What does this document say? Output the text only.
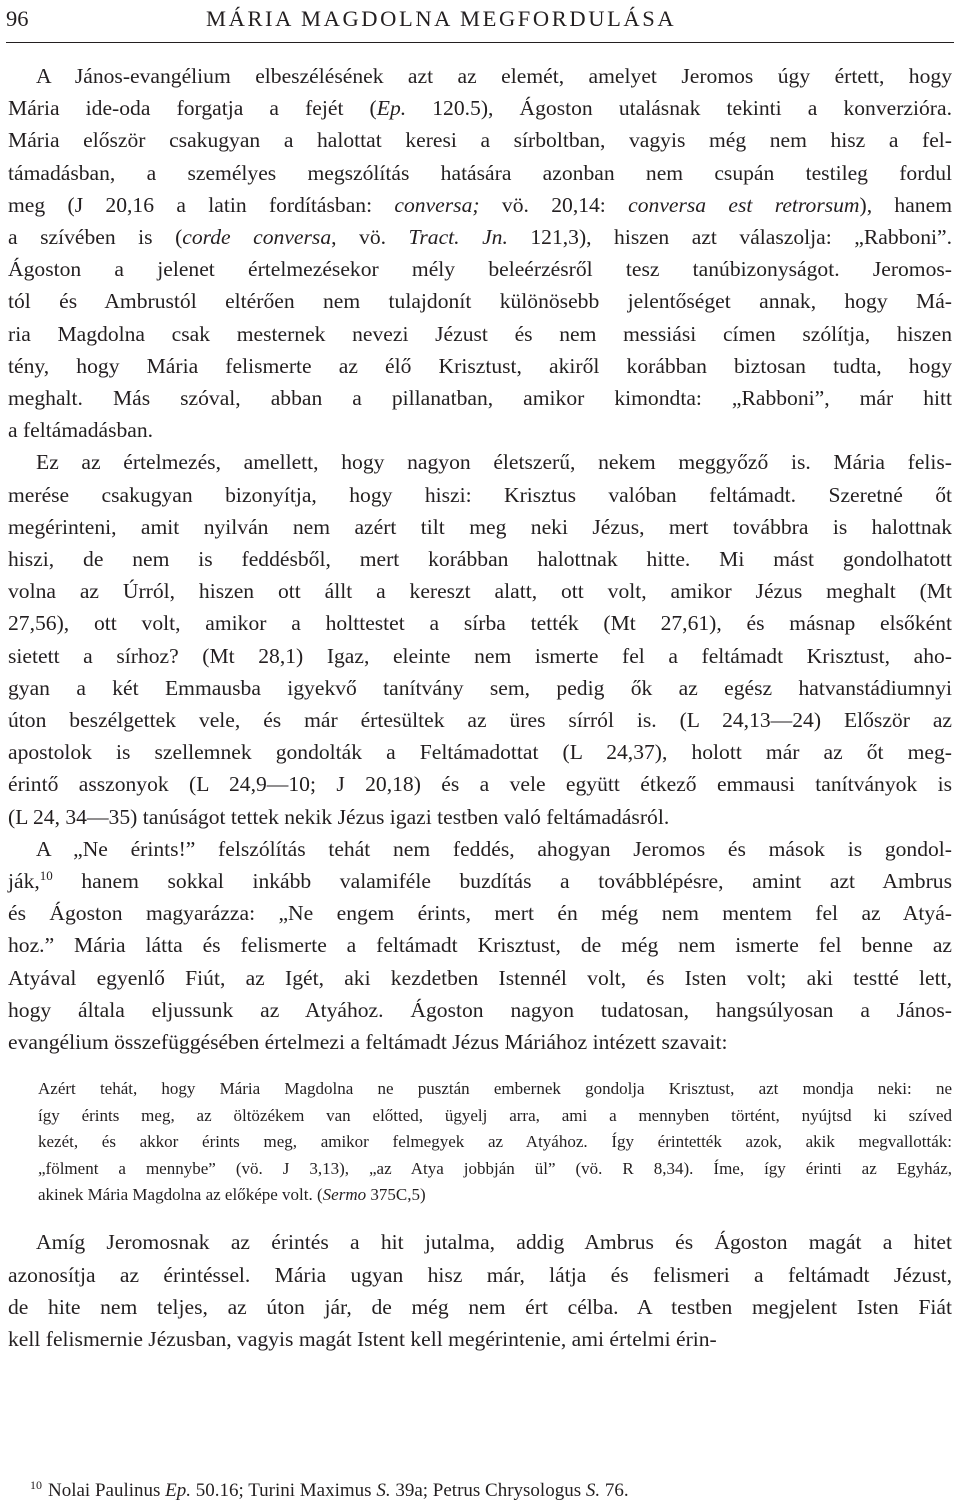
96	MÁRIA MAGDOLNA MEGFORDULÁSA
A János-evangélium elbeszélésének azt az elemét, amelyet Jeromos úgy értett, hogy
Mária ide-oda forgatja a fejét (Ep. 120.5), Ágoston utalásnak tekinti a konverzióra.
Mária először csakugyan a halottat keresi a sírboltban, vagyis még nem hisz a fel-
támadásban, a személyes megszólítás hatására azonban nem csupán testileg fordul
meg (J 20,16 a latin fordításban: conversa; vö. 20,14: conversa est retrorsum), hanem
a szívében is (corde conversa, vö. Tract. Jn. 121,3), hiszen azt válaszolja: „Rabboni”.
Ágoston a jelenet értelmezésekor mély beleérzésről tesz tanúbizonyságot. Jeromos-
tól és Ambrustól eltérően nem tulajdonít különösebb jelentőséget annak, hogy Má-
ria Magdolna csak mesternek nevezi Jézust és nem messiási címen szólítja, hiszen
tény, hogy Mária felismerte az élő Krisztust, akiről korábban biztosan tudta, hogy
meghalt. Más szóval, abban a pillanatban, amikor kimondta: „Rabboni”, már hitt
a feltámadásban.
Ez az értelmezés, amellett, hogy nagyon életszerű, nekem meggyőző is. Mária felis-
merése csakugyan bizonyítja, hogy hiszi: Krisztus valóban feltámadt. Szeretné őt
megérinteni, amit nyilván nem azért tilt meg neki Jézus, mert továbbra is halottnak
hiszi, de nem is feddésből, mert korábban halottnak hitte. Mi mást gondolhatott
volna az Úrról, hiszen ott állt a kereszt alatt, ott volt, amikor Jézus meghalt (Mt
27,56), ott volt, amikor a holttestet a sírba tették (Mt 27,61), és másnap elsőként
sietett a sírhoz? (Mt 28,1) Igaz, eleinte nem ismerte fel a feltámadt Krisztust, aho-
gyan a két Emmausba igyekvő tanítvány sem, pedig ők az egész hatvanstádiumnyi
úton beszélgettek vele, és már értesültek az üres sírról is. (L 24,13—24) Először az
apostolok is szellemnek gondolták a Feltámadottat (L 24,37), holott már az őt meg-
érintő asszonyok (L 24,9—10; J 20,18) és a vele együtt étkező emmausi tanítványok is
(L 24, 34—35) tanúságot tettek nekik Jézus igazi testben való feltámadásról.
A „Ne érints!” felszólítás tehát nem feddés, ahogyan Jeromos és mások is gondol-
ják,$^{10}$ hanem sokkal inkább valamiféle buzdítás a továbblépésre, amint azt Ambrus
és Ágoston magyarázza: „Ne engem érints, mert én még nem mentem fel az Atyá-
hoz.” Mária látta és felismerte a feltámadt Krisztust, de még nem ismerte fel benne az
Atyával egyenlő Fiút, az Igét, aki kezdetben Istennél volt, és Isten volt; aki testté lett,
hogy általa eljussunk az Atyához. Ágoston nagyon tudatosan, hangsúlyosan a János-
evangélium összefüggésében értelmezi a feltámadt Jézus Máriához intézett szavait:
Azért tehát, hogy Mária Magdolna ne pusztán embernek gondolja Krisztust, azt mondja neki: ne
így érints meg, az öltözékem van előtted, ügyelj arra, ami a mennyben történt, nyújtsd ki szíved
kezét, és akkor érints meg, amikor felmegyek az Atyához. Így érintették azok, akik megvallották:
„fölment a mennybe” (vö. J 3,13), „az Atya jobbján ül” (vö. R 8,34). Íme, így érinti az Egyház,
akinek Mária Magdolna az előképe volt. (Sermo 375C,5)
Amíg Jeromosnak az érintés a hit jutalma, addig Ambrus és Ágoston magát a hitet
azonosítja az érintéssel. Mária ugyan hisz már, látja és felismeri a feltámadt Jézust,
de hite nem teljes, az úton jár, de még nem ért célba. A testben megjelent Isten Fiát
kell felismernie Jézusban, vagyis magát Istent kell megérintenie, ami értelmi érin-
$^{10}$ Nolai Paulinus Ep. 50.16; Turini Maximus S. 39a; Petrus Chrysologus S. 76.
